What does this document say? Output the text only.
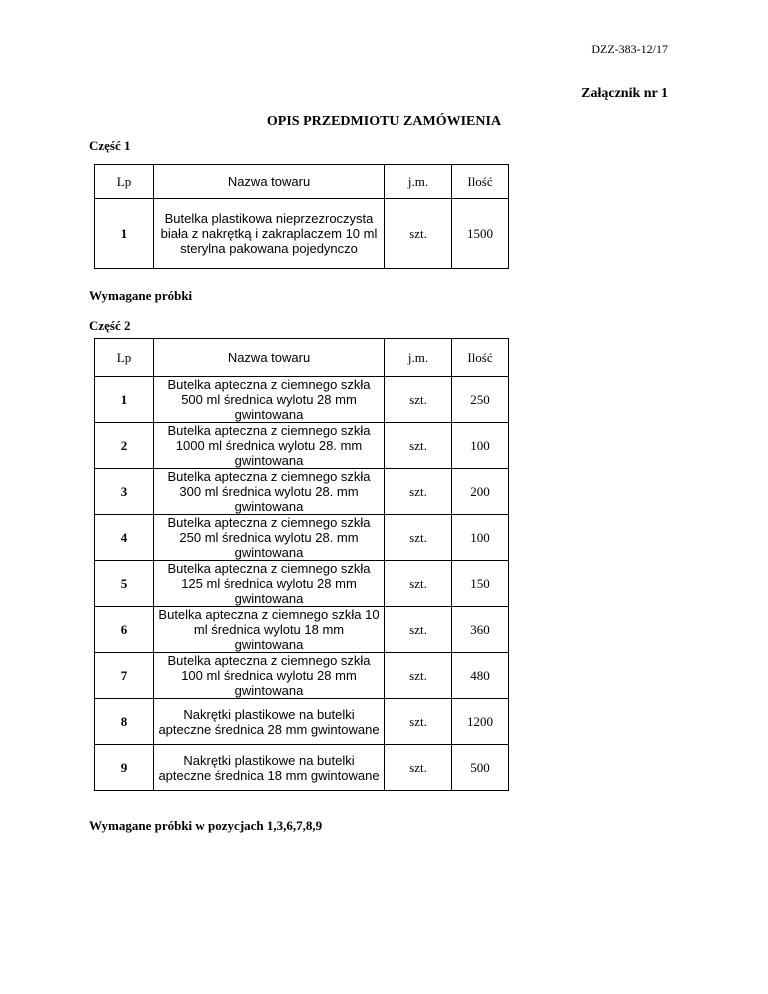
DZZ-383-12/17
Załącznik nr 1
OPIS PRZEDMIOTU ZAMÓWIENIA
Część 1
Lp	Nazwa towaru	j.m.	Ilość
1	Butelka plastikowa nieprzezroczysta biała z nakrętką i zakraplaczem 10 ml sterylna pakowana pojedynczo	szt.	1500
Wymagane próbki
Część 2
Lp	Nazwa towaru	j.m.	Ilość
1	Butelka apteczna z ciemnego szkła 500 ml średnica wylotu 28 mm gwintowana	szt.	250
2	Butelka apteczna z ciemnego szkła 1000 ml średnica wylotu 28. mm gwintowana	szt.	100
3	Butelka apteczna z ciemnego szkła 300 ml średnica wylotu 28. mm gwintowana	szt.	200
4	Butelka apteczna z ciemnego szkła 250 ml średnica wylotu 28. mm gwintowana	szt.	100
5	Butelka apteczna z ciemnego szkła 125 ml średnica wylotu 28 mm gwintowana	szt.	150
6	Butelka apteczna z ciemnego szkła 10 ml średnica wylotu 18 mm gwintowana	szt.	360
7	Butelka apteczna z ciemnego szkła 100 ml średnica wylotu 28 mm gwintowana	szt.	480
8	Nakrętki plastikowe na butelki apteczne średnica 28 mm gwintowane	szt.	1200
9	Nakrętki plastikowe na butelki apteczne średnica 18 mm gwintowane	szt.	500
Wymagane próbki w pozycjach 1,3,6,7,8,9
